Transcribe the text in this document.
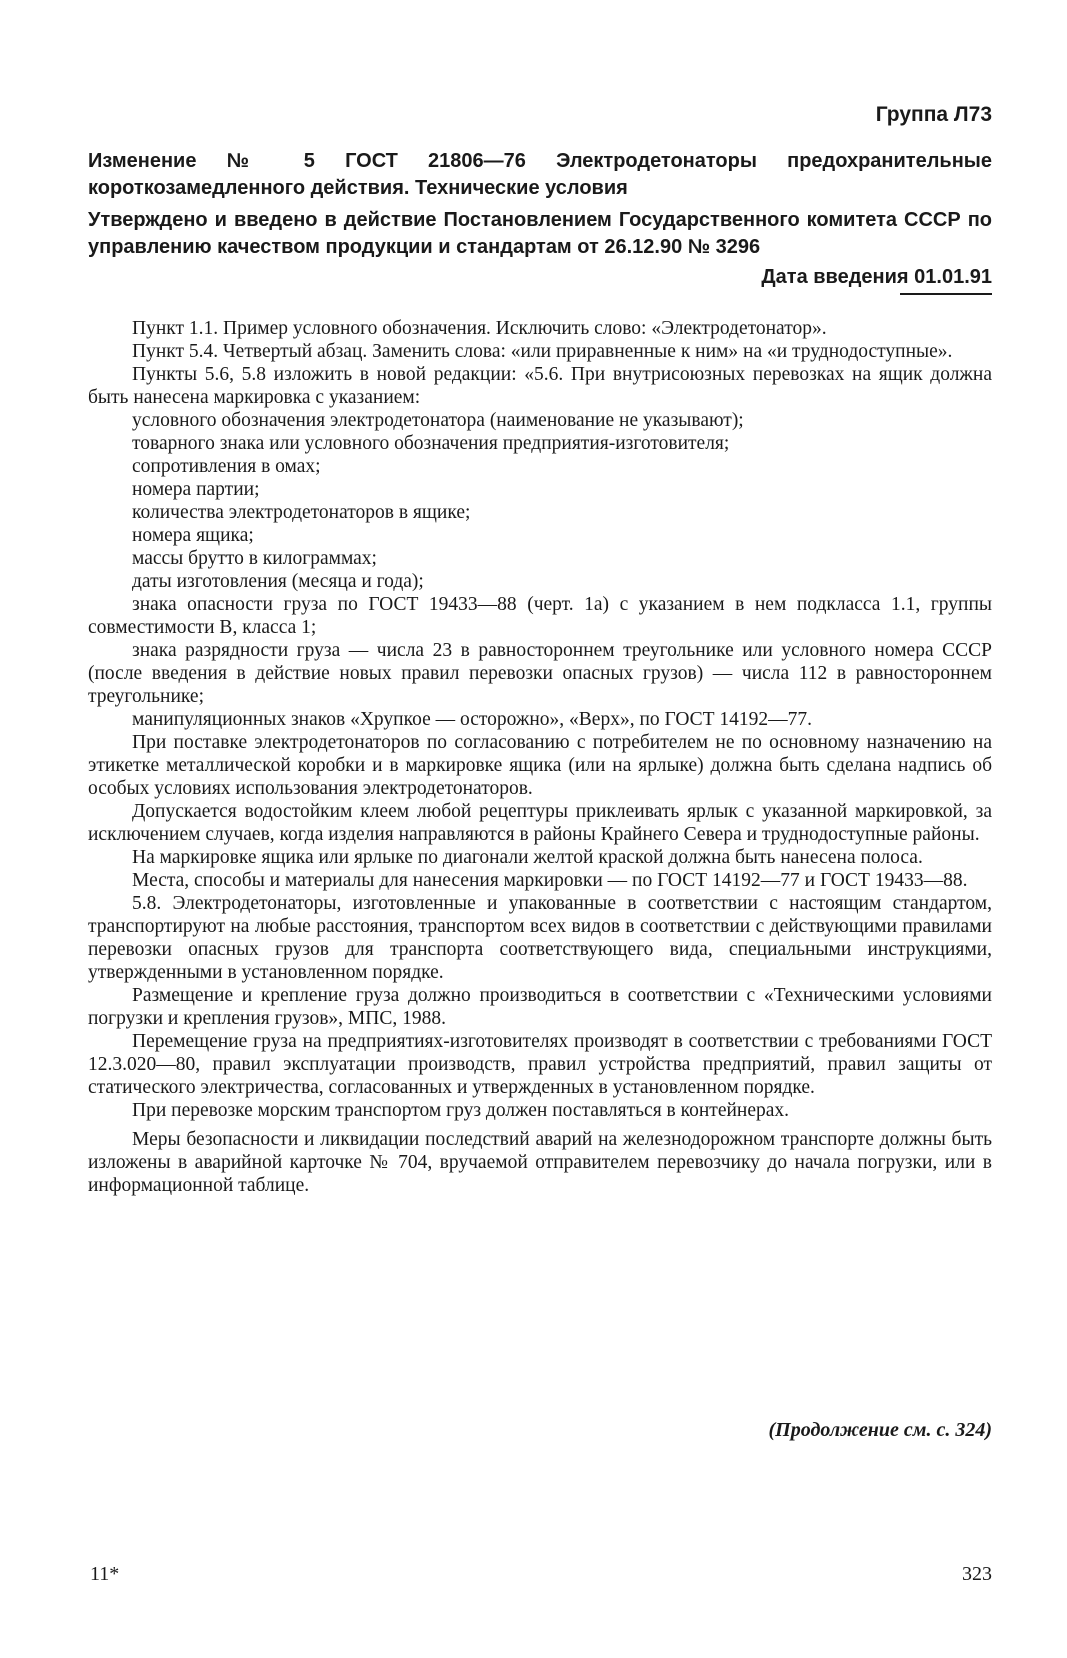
Группа Л73
Изменение № 5 ГОСТ 21806—76 Электродетонаторы предохранительные короткозамедленного действия. Технические условия
Утверждено и введено в действие Постановлением Государственного комитета СССР по управлению качеством продукции и стандартам от 26.12.90 № 3296
Дата введения 01.01.91

Пункт 1.1. Пример условного обозначения. Исключить слово: «Электродетонатор».

Пункт 5.4. Четвертый абзац. Заменить слова: «или приравненные к ним» на «и труднодоступные».

Пункты 5.6, 5.8 изложить в новой редакции: «5.6. При внутрисоюзных перевозках на ящик должна быть нанесена маркировка с указанием:

условного обозначения электродетонатора (наименование не указывают);

товарного знака или условного обозначения предприятия-изготовителя;

сопротивления в омах;

номера партии;

количества электродетонаторов в ящике;

номера ящика;

массы брутто в килограммах;

даты изготовления (месяца и года);

знака опасности груза по ГОСТ 19433—88 (черт. 1а) с указанием в нем подкласса 1.1, группы совместимости В, класса 1;

знака разрядности груза — числа 23 в равностороннем треугольнике или условного номера СССР (после введения в действие новых правил перевозки опасных грузов) — числа 112 в равностороннем треугольнике;

манипуляционных знаков «Хрупкое — осторожно», «Верх», по ГОСТ 14192—77.

При поставке электродетонаторов по согласованию с потребителем не по основному назначению на этикетке металлической коробки и в маркировке ящика (или на ярлыке) должна быть сделана надпись об особых условиях использования электродетонаторов.

Допускается водостойким клеем любой рецептуры приклеивать ярлык с указанной маркировкой, за исключением случаев, когда изделия направляются в районы Крайнего Севера и труднодоступные районы.

На маркировке ящика или ярлыке по диагонали желтой краской должна быть нанесена полоса.

Места, способы и материалы для нанесения маркировки — по ГОСТ 14192—77 и ГОСТ 19433—88.

5.8. Электродетонаторы, изготовленные и упакованные в соответствии с настоящим стандартом, транспортируют на любые расстояния, транспортом всех видов в соответствии с действующими правилами перевозки опасных грузов для транспорта соответствующего вида, специальными инструкциями, утвержденными в установленном порядке.

Размещение и крепление груза должно производиться в соответствии с «Техническими условиями погрузки и крепления грузов», МПС, 1988.

Перемещение груза на предприятиях-изготовителях производят в соответствии с требованиями ГОСТ 12.3.020—80, правил эксплуатации производств, правил устройства предприятий, правил защиты от статического электричества, согласованных и утвержденных в установленном порядке.

При перевозке морским транспортом груз должен поставляться в контейнерах.

Меры безопасности и ликвидации последствий аварий на железнодорожном транспорте должны быть изложены в аварийной карточке № 704, вручаемой отправителем перевозчику до начала погрузки, или в информационной таблице.

(Продолжение см. с. 324)
11*	323
